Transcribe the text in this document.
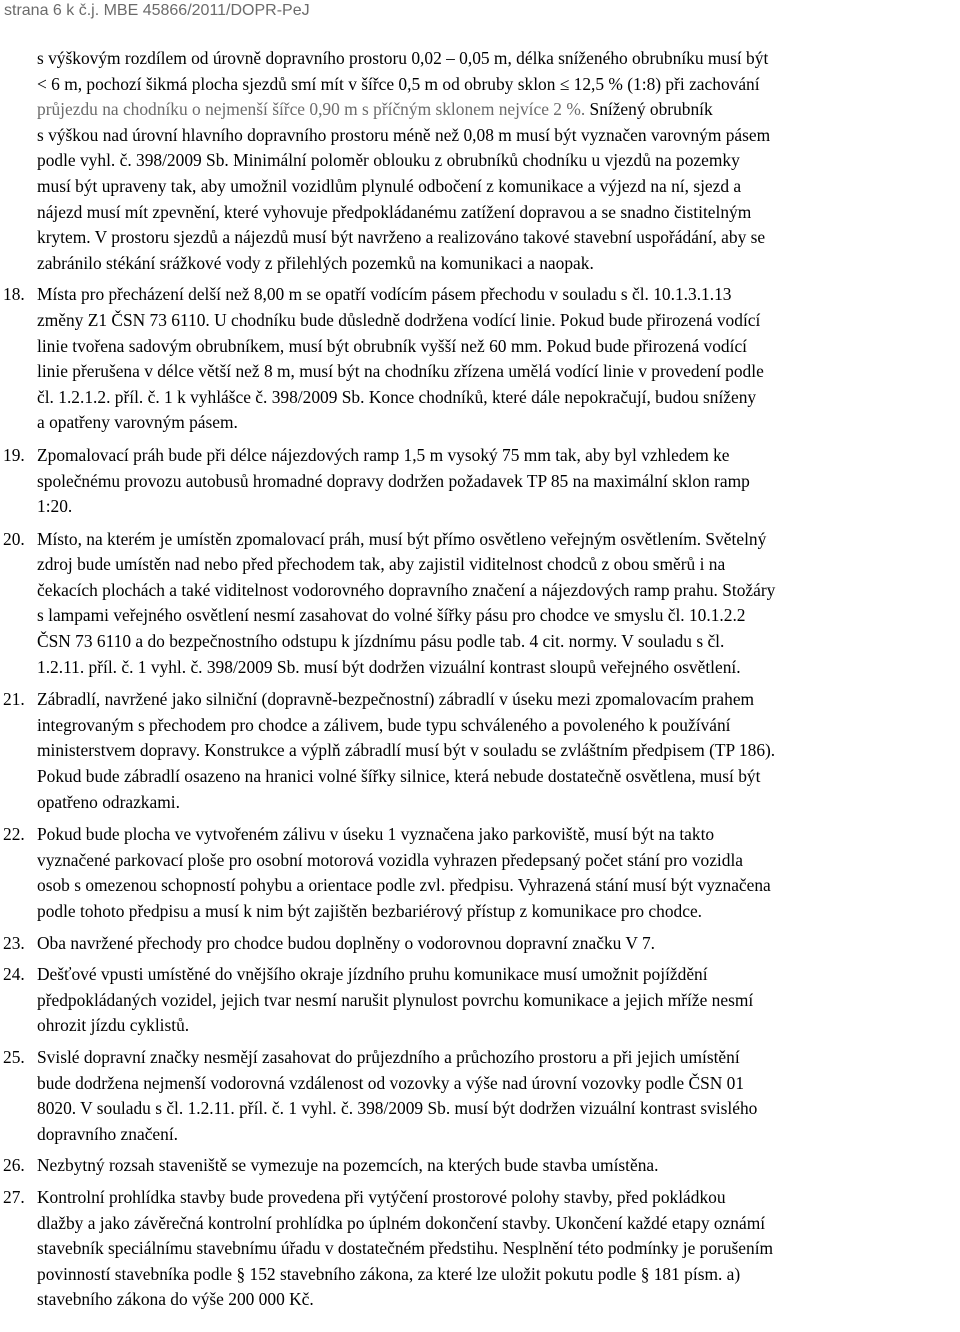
strana 6 k č.j. MBE 45866/2011/DOPR-PeJ

s výškovým rozdílem od úrovně dopravního prostoru 0,02 – 0,05 m, délka sníženého obrubníku musí být
< 6 m, pochozí šikmá plocha sjezdů smí mít v šířce 0,5 m od obruby sklon ≤ 12,5 % (1:8) při zachování
průjezdu na chodníku o nejmenší šířce 0,90 m s příčným sklonem nejvíce 2 %. Snížený obrubník
s výškou nad úrovní hlavního dopravního prostoru méně než 0,08 m musí být vyznačen varovným pásem
podle vyhl. č. 398/2009 Sb. Minimální poloměr oblouku z obrubníků chodníku u vjezdů na pozemky
musí být upraveny tak, aby umožnil vozidlům plynulé odbočení z komunikace a výjezd na ní, sjezd a
nájezd musí mít zpevnění, které vyhovuje předpokládanému zatížení dopravou a se snadno čistitelným
krytem. V prostoru sjezdů a nájezdů musí být navrženo a realizováno takové stavební uspořádání, aby se
zabránilo stékání srážkové vody z přilehlých pozemků na komunikaci a naopak.

18. Místa pro přecházení delší než 8,00 m se opatří vodícím pásem přechodu v souladu s čl. 10.1.3.1.13
změny Z1 ČSN 73 6110. U chodníku bude důsledně dodržena vodící linie. Pokud bude přirozená vodící
linie tvořena sadovým obrubníkem, musí být obrubník vyšší než 60 mm. Pokud bude přirozená vodící
linie přerušena v délce větší než 8 m, musí být na chodníku zřízena umělá vodící linie v provedení podle
čl. 1.2.1.2. příl. č. 1 k vyhlášce č. 398/2009 Sb. Konce chodníků, které dále nepokračují, budou sníženy
a opatřeny varovným pásem.
19. Zpomalovací práh bude při délce nájezdových ramp 1,5 m vysoký 75 mm tak, aby byl vzhledem ke
společnému provozu autobusů hromadné dopravy dodržen požadavek TP 85 na maximální sklon ramp
1:20.
20. Místo, na kterém je umístěn zpomalovací práh, musí být přímo osvětleno veřejným osvětlením. Světelný
zdroj bude umístěn nad nebo před přechodem tak, aby zajistil viditelnost chodců z obou směrů i na
čekacích plochách a také viditelnost vodorovného dopravního značení a nájezdových ramp prahu. Stožáry
s lampami veřejného osvětlení nesmí zasahovat do volné šířky pásu pro chodce ve smyslu čl. 10.1.2.2
ČSN 73 6110 a do bezpečnostního odstupu k jízdnímu pásu podle tab. 4 cit. normy. V souladu s čl.
1.2.11. příl. č. 1 vyhl. č. 398/2009 Sb. musí být dodržen vizuální kontrast sloupů veřejného osvětlení.
21. Zábradlí, navržené jako silniční (dopravně-bezpečnostní) zábradlí v úseku mezi zpomalovacím prahem
integrovaným s přechodem pro chodce a zálivem, bude typu schváleného a povoleného k používání
ministerstvem dopravy. Konstrukce a výplň zábradlí musí být v souladu se zvláštním předpisem (TP 186).
Pokud bude zábradlí osazeno na hranici volné šířky silnice, která nebude dostatečně osvětlena, musí být
opatřeno odrazkami.
22. Pokud bude plocha ve vytvořeném zálivu v úseku 1 vyznačena jako parkoviště, musí být na takto
vyznačené parkovací ploše pro osobní motorová vozidla vyhrazen předepsaný počet stání pro vozidla
osob s omezenou schopností pohybu a orientace podle zvl. předpisu. Vyhrazená stání musí být vyznačena
podle tohoto předpisu a musí k nim být zajištěn bezbariérový přístup z komunikace pro chodce.
23. Oba navržené přechody pro chodce budou doplněny o vodorovnou dopravní značku V 7.
24. Dešťové vpusti umístěné do vnějšího okraje jízdního pruhu komunikace musí umožnit pojíždění
předpokládaných vozidel, jejich tvar nesmí narušit plynulost povrchu komunikace a jejich mříže nesmí
ohrozit jízdu cyklistů.
25. Svislé dopravní značky nesmějí zasahovat do průjezdního a průchozího prostoru a při jejich umístění
bude dodržena nejmenší vodorovná vzdálenost od vozovky a výše nad úrovní vozovky podle ČSN 01
8020. V souladu s čl. 1.2.11. příl. č. 1 vyhl. č. 398/2009 Sb. musí být dodržen vizuální kontrast svislého
dopravního značení.
26. Nezbytný rozsah staveniště se vymezuje na pozemcích, na kterých bude stavba umístěna.
27. Kontrolní prohlídka stavby bude provedena při vytýčení prostorové polohy stavby, před pokládkou
dlažby a jako závěrečná kontrolní prohlídka po úplném dokončení stavby. Ukončení každé etapy oznámí
stavebník speciálnímu stavebnímu úřadu v dostatečném předstihu. Nesplnění této podmínky je porušením
povinností stavebníka podle § 152 stavebního zákona, za které lze uložit pokutu podle § 181 písm. a)
stavebního zákona do výše 200 000 Kč.
